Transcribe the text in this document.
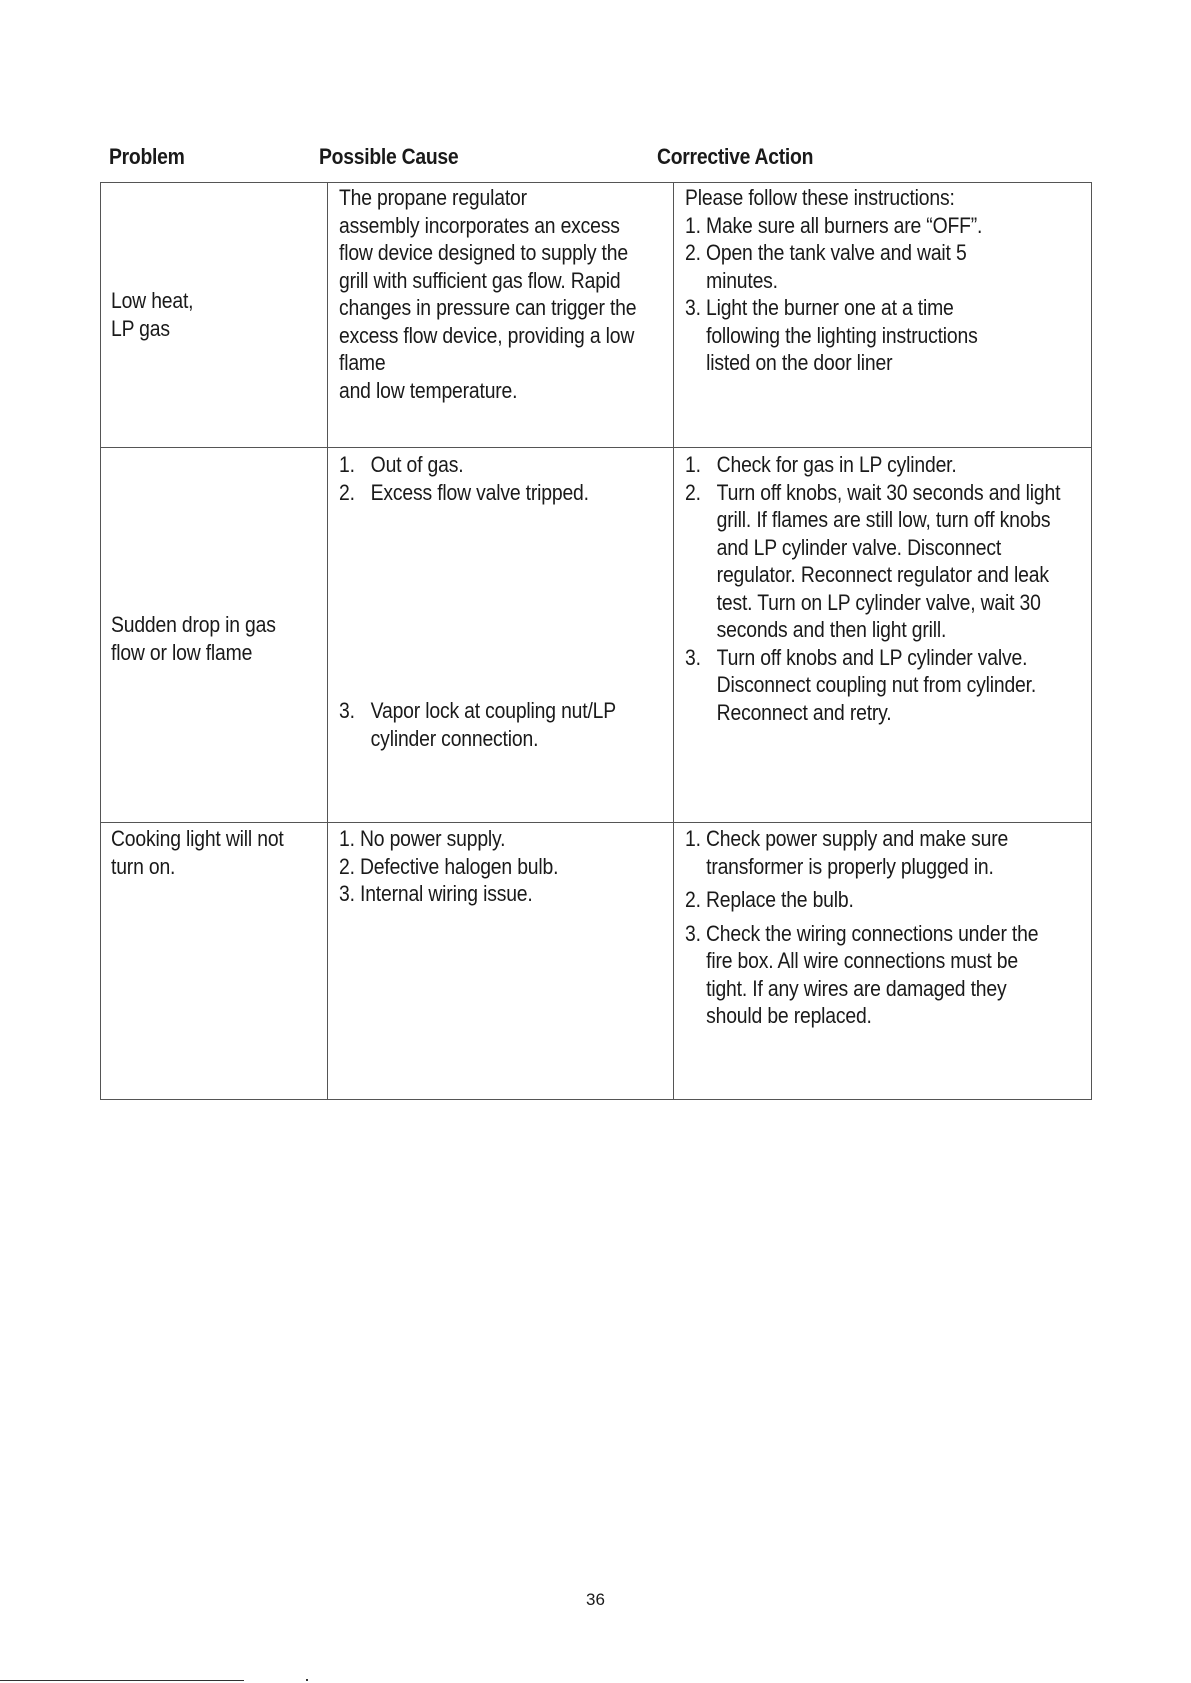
Problem	Possible Cause	Corrective Action
Low heat,
LP gas
The propane regulator
assembly incorporates an excess
flow device designed to supply the
grill with sufficient gas flow. Rapid
changes in pressure can trigger the
excess flow device, providing a low
flame
and low temperature.
Please follow these instructions:
1. Make sure all burners are “OFF”.
2. Open the tank valve and wait 5
minutes.
3. Light the burner one at a time
following the lighting instructions
listed on the door liner
Sudden drop in gas
flow or low flame
1. Out of gas.
2. Excess flow valve tripped.
3. Vapor lock at coupling nut/LP
cylinder connection.
1. Check for gas in LP cylinder.
2. Turn off knobs, wait 30 seconds and light
grill. If flames are still low, turn off knobs
and LP cylinder valve. Disconnect
regulator. Reconnect regulator and leak
test. Turn on LP cylinder valve, wait 30
seconds and then light grill.
3. Turn off knobs and LP cylinder valve.
Disconnect coupling nut from cylinder.
Reconnect and retry.
Cooking light will not
turn on.
1. No power supply.
2. Defective halogen bulb.
3. Internal wiring issue.
1. Check power supply and make sure
transformer is properly plugged in.
2. Replace the bulb.
3. Check the wiring connections under the
fire box. All wire connections must be
tight. If any wires are damaged they
should be replaced.
36
